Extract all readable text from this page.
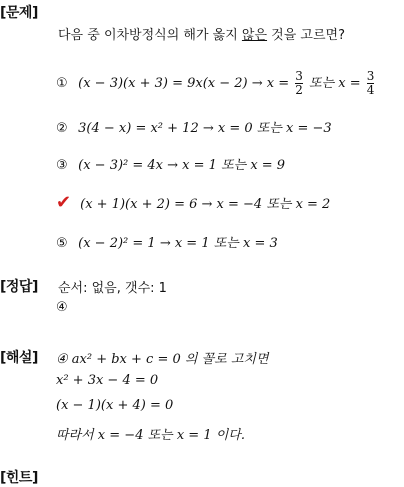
[문제]
다음 중 이차방정식의 해가 옳지 않은 것을 고르면?
① $(x - 3)(x + 3) = 9x(x - 2) \to x = \frac{3}{2}$ 또는 $x = \frac{3}{4}$
② 3(4 − x) = x² + 12 → x = 0 또는 x = −3
③ (x − 3)² = 4x → x = 1 또는 x = 9
✔ (x + 1)(x + 2) = 6 → x = −4 또는 x = 2
⑤ (x − 2)² = 1 → x = 1 또는 x = 3
[정답] 순서: 없음, 갯수: 1
④
[해설] ④ ax² + bx + c = 0 의 꼴로 고치면
x² + 3x − 4 = 0
(x − 1)(x + 4) = 0
따라서 x = −4 또는 x = 1 이다.
[힌트]
